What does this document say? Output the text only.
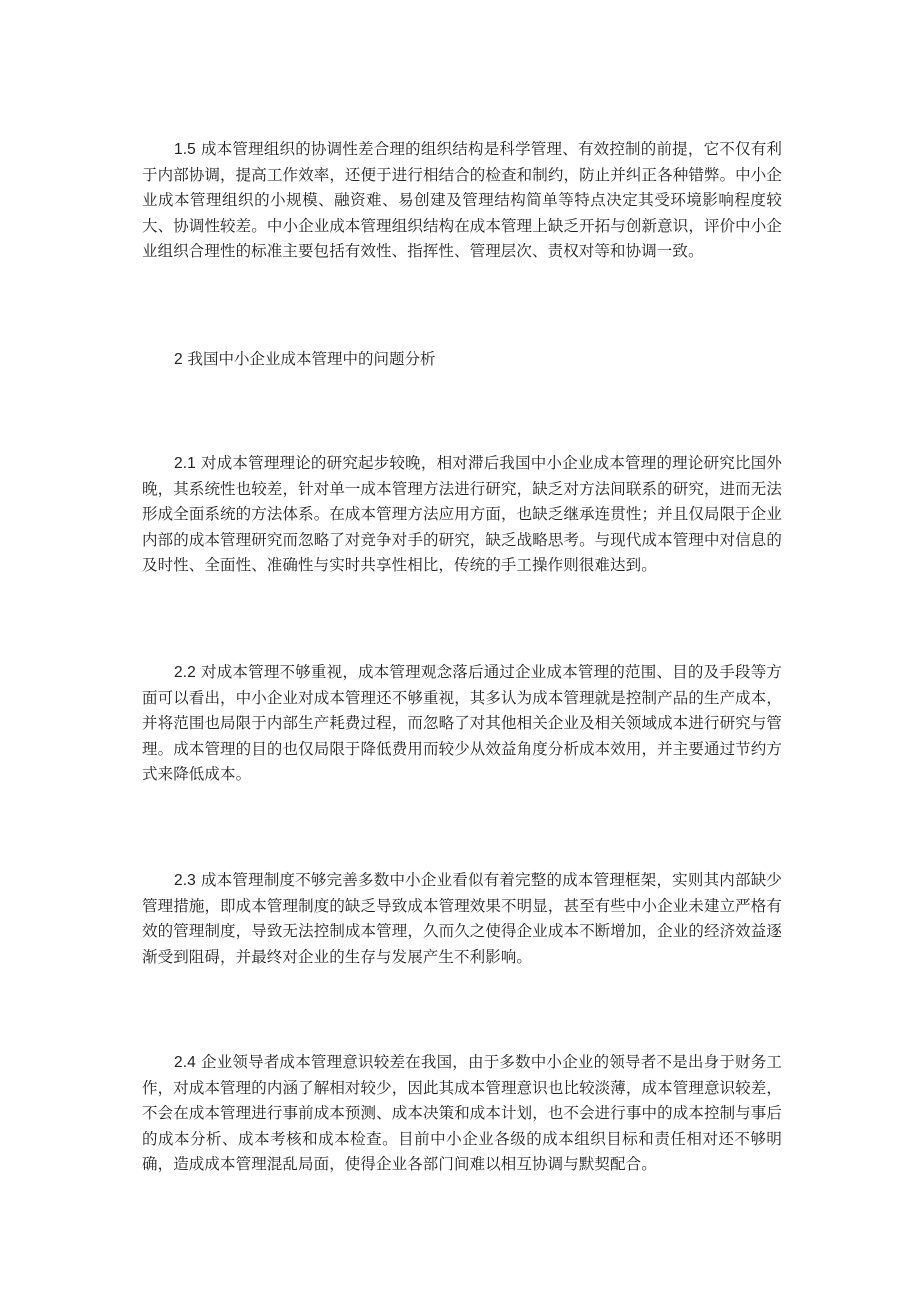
1.5 成本管理组织的协调性差合理的组织结构是科学管理、有效控制的前提，它不仅有利于内部协调，提高工作效率，还便于进行相结合的检查和制约，防止并纠正各种错弊。中小企业成本管理组织的小规模、融资难、易创建及管理结构简单等特点决定其受环境影响程度较大、协调性较差。中小企业成本管理组织结构在成本管理上缺乏开拓与创新意识，评价中小企业组织合理性的标准主要包括有效性、指挥性、管理层次、责权对等和协调一致。

2 我国中小企业成本管理中的问题分析

2.1 对成本管理理论的研究起步较晚，相对滞后我国中小企业成本管理的理论研究比国外晚，其系统性也较差，针对单一成本管理方法进行研究，缺乏对方法间联系的研究，进而无法形成全面系统的方法体系。在成本管理方法应用方面，也缺乏继承连贯性；并且仅局限于企业内部的成本管理研究而忽略了对竞争对手的研究，缺乏战略思考。与现代成本管理中对信息的及时性、全面性、准确性与实时共享性相比，传统的手工操作则很难达到。

2.2 对成本管理不够重视，成本管理观念落后通过企业成本管理的范围、目的及手段等方面可以看出，中小企业对成本管理还不够重视，其多认为成本管理就是控制产品的生产成本，并将范围也局限于内部生产耗费过程，而忽略了对其他相关企业及相关领域成本进行研究与管理。成本管理的目的也仅局限于降低费用而较少从效益角度分析成本效用，并主要通过节约方式来降低成本。

2.3 成本管理制度不够完善多数中小企业看似有着完整的成本管理框架，实则其内部缺少管理措施，即成本管理制度的缺乏导致成本管理效果不明显，甚至有些中小企业未建立严格有效的管理制度，导致无法控制成本管理，久而久之使得企业成本不断增加，企业的经济效益逐渐受到阻碍，并最终对企业的生存与发展产生不利影响。

2.4 企业领导者成本管理意识较差在我国，由于多数中小企业的领导者不是出身于财务工作，对成本管理的内涵了解相对较少，因此其成本管理意识也比较淡薄，成本管理意识较差，不会在成本管理进行事前成本预测、成本决策和成本计划，也不会进行事中的成本控制与事后的成本分析、成本考核和成本检查。目前中小企业各级的成本组织目标和责任相对还不够明确，造成成本管理混乱局面，使得企业各部门间难以相互协调与默契配合。
